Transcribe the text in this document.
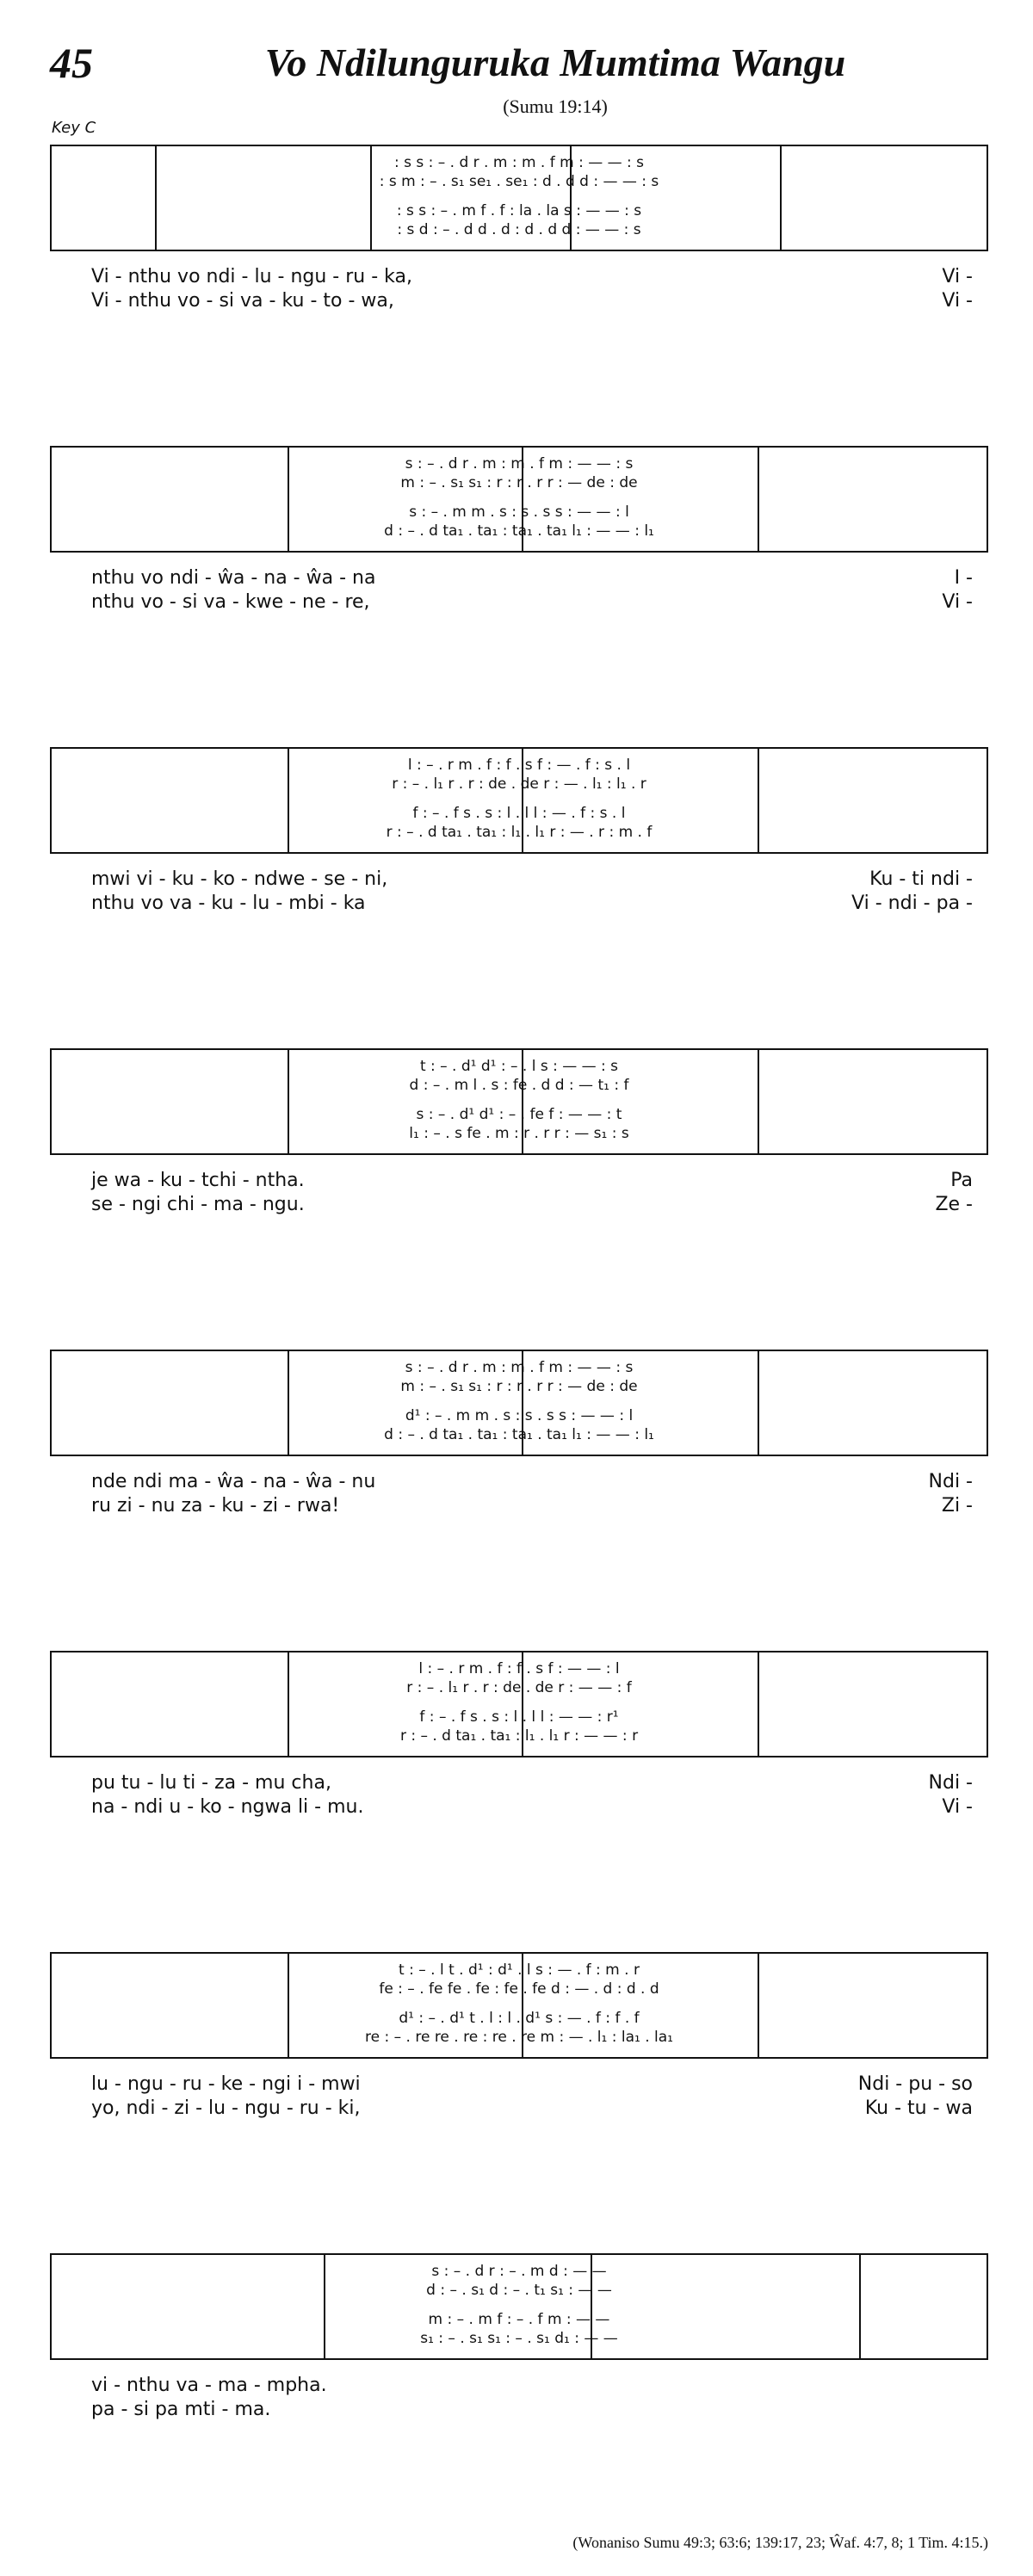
45	Vo Ndilunguruka Mumtima Wangu
(Sumu 19:14)
Key C
: s s : – . d r . m : m . f m : — — : s
: s m : – . s₁ se₁ . se₁ : d . d d : — — : s
: s s : – . m f . f : la . la s : — — : s
: s d : – . d d . d : d . d d : — — : s
Vi - nthu vo ndi - lu - ngu - ru - ka,	Vi -
Vi - nthu vo - si va - ku - to - wa,	Vi -
s : – . d r . m : m . f m : — — : s
m : – . s₁ s₁ : r : r . r r : — de : de
s : – . m m . s : s . s s : — — : l
d : – . d ta₁ . ta₁ : ta₁ . ta₁ l₁ : — — : l₁
nthu vo ndi - ŵa - na - ŵa - na	I -
nthu vo - si va - kwe - ne - re,	Vi -
l : – . r m . f : f . s f : — . f : s . l
r : – . l₁ r . r : de . de r : — . l₁ : l₁ . r
f : – . f s . s : l . l l : — . f : s . l
r : – . d ta₁ . ta₁ : l₁ . l₁ r : — . r : m . f
mwi vi - ku - ko - ndwe - se - ni,	Ku - ti ndi -
nthu vo va - ku - lu - mbi - ka	Vi - ndi - pa -
t : – . d¹ d¹ : – . l s : — — : s
d : – . m l . s : fe . d d : — t₁ : f
s : – . d¹ d¹ : – . fe f : — — : t
l₁ : – . s fe . m : r . r r : — s₁ : s
je wa - ku - tchi - ntha.	Pa
se - ngi chi - ma - ngu.	Ze -
s : – . d r . m : m . f m : — — : s
m : – . s₁ s₁ : r : r . r r : — de : de
d¹ : – . m m . s : s . s s : — — : l
d : – . d ta₁ . ta₁ : ta₁ . ta₁ l₁ : — — : l₁
nde ndi ma - ŵa - na - ŵa - nu	Ndi -
ru zi - nu za - ku - zi - rwa!	Zi -
l : – . r m . f : f . s f : — — : l
r : – . l₁ r . r : de . de r : — — : f
f : – . f s . s : l . l l : — — : r¹
r : – . d ta₁ . ta₁ : l₁ . l₁ r : — — : r
pu tu - lu ti - za - mu cha,	Ndi -
na - ndi u - ko - ngwa li - mu.	Vi -
t : – . l t . d¹ : d¹ . l s : — . f : m . r
fe : – . fe fe . fe : fe . fe d : — . d : d . d
d¹ : – . d¹ t . l : l . d¹ s : — . f : f . f
re : – . re re . re : re . re m : — . l₁ : la₁ . la₁
lu - ngu - ru - ke - ngi i - mwi	Ndi - pu - so
yo, ndi - zi - lu - ngu - ru - ki,	Ku - tu - wa
s : – . d r : – . m d : — —
d : – . s₁ d : – . t₁ s₁ : — —
m : – . m f : – . f m : — —
s₁ : – . s₁ s₁ : – . s₁ d₁ : — —
vi - nthu va - ma - mpha.
pa - si pa mti - ma.
(Wonaniso Sumu 49:3; 63:6; 139:17, 23; Ŵaf. 4:7, 8; 1 Tim. 4:15.)
